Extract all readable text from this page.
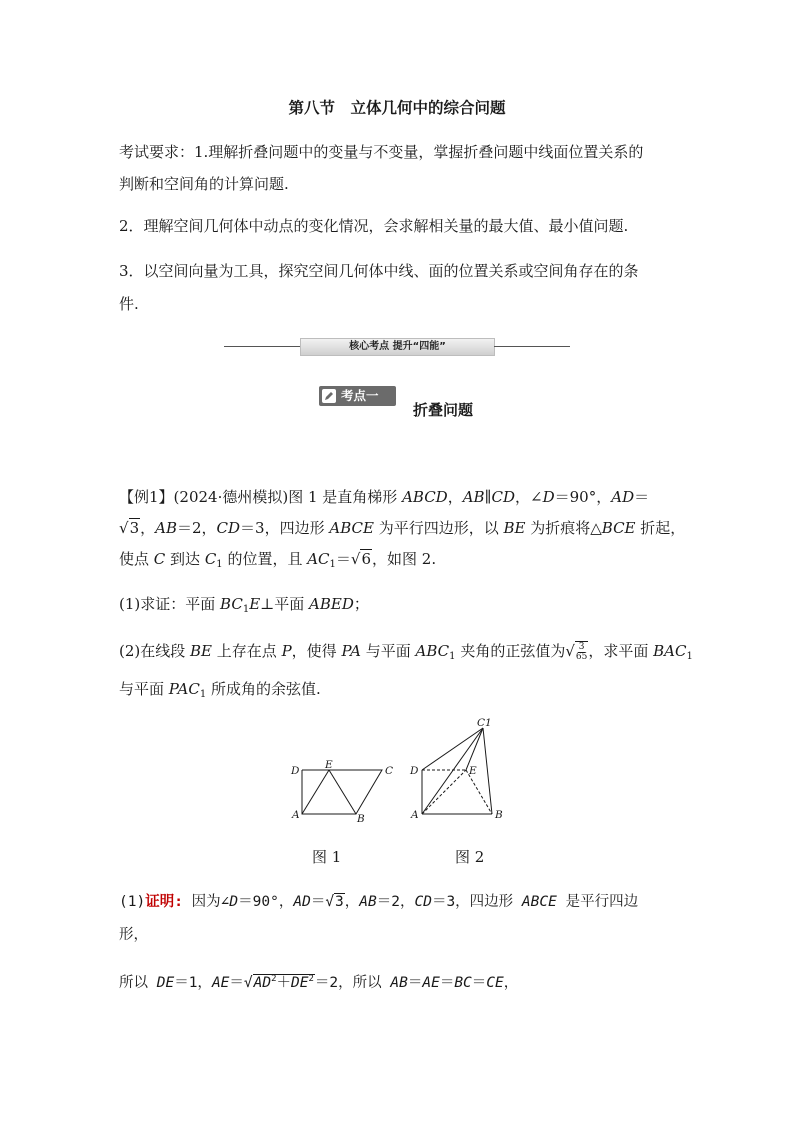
第八节　立体几何中的综合问题
考试要求：1.理解折叠问题中的变量与不变量，掌握折叠问题中线面位置关系的
判断和空间角的计算问题.
2．理解空间几何体中动点的变化情况，会求解相关量的最大值、最小值问题.
3．以空间向量为工具，探究空间几何体中线、面的位置关系或空间角存在的条
件.
核心考点 提升“四能”
考点一
折叠问题
【例1】(2024·德州模拟)图 1 是直角梯形 ABCD，AB∥CD，∠D＝90°，AD＝
√3，AB＝2，CD＝3，四边形 ABCE 为平行四边形，以 BE 为折痕将△BCE 折起，
使点 C 到达 $C_1$ 的位置，且 $AC_1=√6$，如图 2.
(1)求证：平面 $BC_1E\perp$平面 ABED；
(2)在线段 BE 上存在点 P，使得 PA 与平面 $ABC_1$ 夹角的正弦值为√ $\frac{3}{65}$ ，求平面 $BAC_1$
与平面 $PAC_1$ 所成角的余弦值.
D E	C
A	B
C1
D	E
A	B
图 1	图 2
(1)证明: 因为∠D＝90°，AD＝√3，AB＝2，CD＝3，四边形 ABCE 是平行四边
形，
所以 DE＝1，$AE=√AD^2+DE^2=2$，所以 AB＝AE＝BC＝CE，
